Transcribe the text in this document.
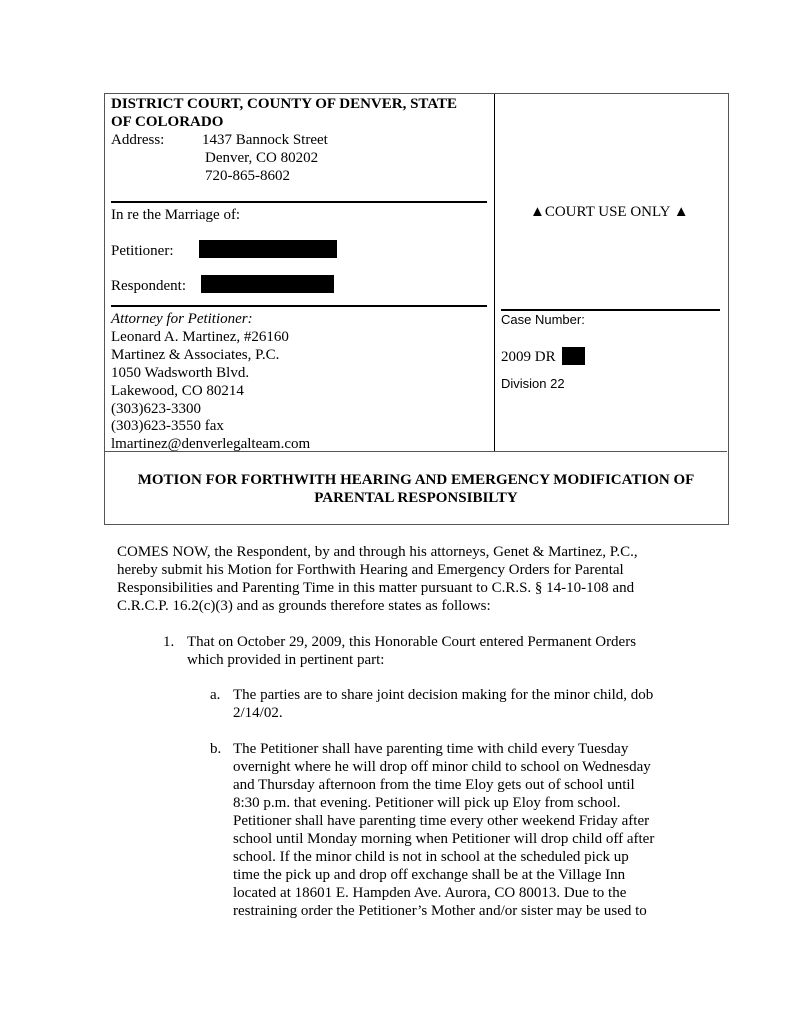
DISTRICT COURT, COUNTY OF DENVER, STATE
OF COLORADO
Address:	1437 Bannock Street
Denver, CO 80202
720-865-8602
In re the Marriage of:
Petitioner:
Respondent:
▲COURT USE ONLY ▲
Attorney for Petitioner:
Leonard A. Martinez, #26160
Martinez & Associates, P.C.
1050 Wadsworth Blvd.
Lakewood, CO 80214
(303)623-3300
(303)623-3550 fax
lmartinez@denverlegalteam.com
Case Number:
2009 DR
Division 22
MOTION FOR FORTHWITH HEARING AND EMERGENCY MODIFICATION OF
PARENTAL RESPONSIBILTY
COMES NOW, the Respondent, by and through his attorneys, Genet & Martinez, P.C.,
hereby submit his Motion for Forthwith Hearing and Emergency Orders for Parental
Responsibilities and Parenting Time in this matter pursuant to C.R.S. § 14-10-108 and
C.R.C.P. 16.2(c)(3) and as grounds therefore states as follows:
1. That on October 29, 2009, this Honorable Court entered Permanent Orders
which provided in pertinent part:
a. The parties are to share joint decision making for the minor child, dob
2/14/02.
b. The Petitioner shall have parenting time with child every Tuesday
overnight where he will drop off minor child to school on Wednesday
and Thursday afternoon from the time Eloy gets out of school until
8:30 p.m. that evening. Petitioner will pick up Eloy from school.
Petitioner shall have parenting time every other weekend Friday after
school until Monday morning when Petitioner will drop child off after
school. If the minor child is not in school at the scheduled pick up
time the pick up and drop off exchange shall be at the Village Inn
located at 18601 E. Hampden Ave. Aurora, CO 80013. Due to the
restraining order the Petitioner’s Mother and/or sister may be used to
